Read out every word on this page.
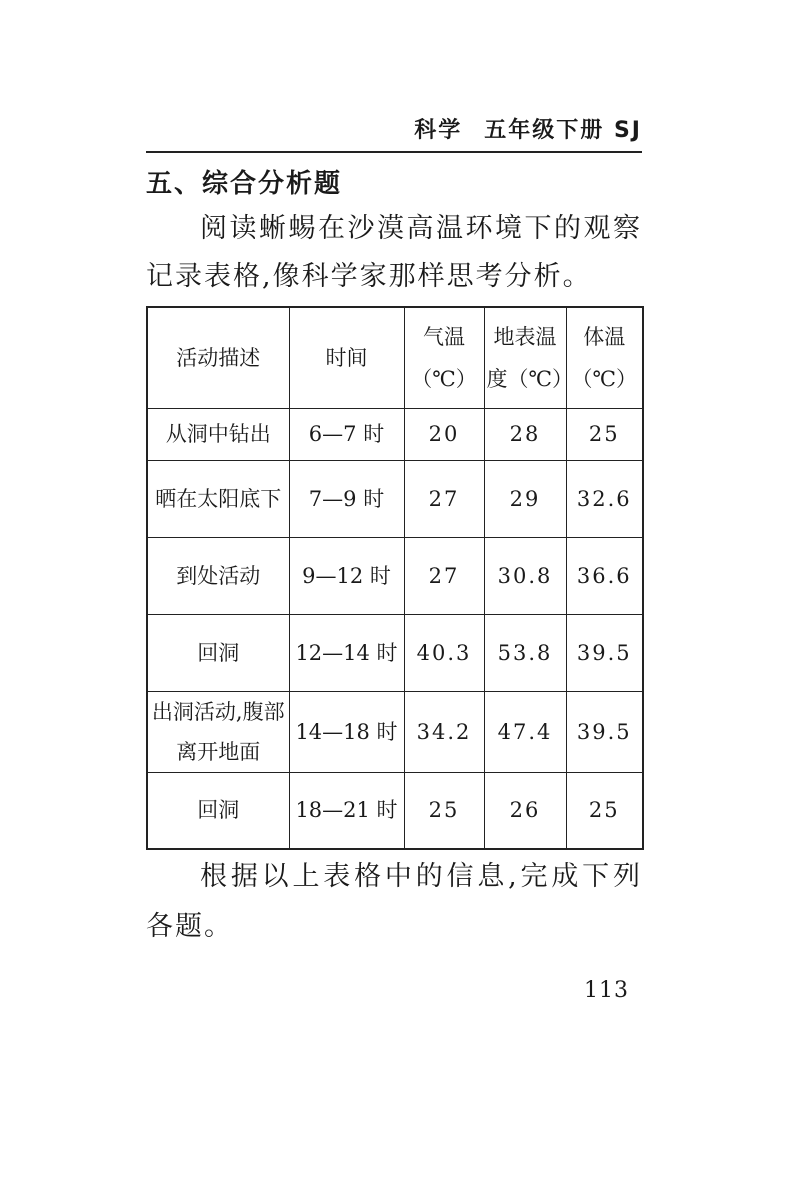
科学 五年级下册 SJ
五、综合分析题

阅读蜥蜴在沙漠高温环境下的观察记录表格,像科学家那样思考分析。

活动描述	时间	气温（℃）	地表温度（℃）	体温（℃）
从洞中钻出	6—7 时	20	28	25
晒在太阳底下	7—9 时	27	29	32.6
到处活动	9—12 时	27	30.8	36.6
回洞	12—14 时	40.3	53.8	39.5
出洞活动,腹部离开地面	14—18 时	34.2	47.4	39.5
回洞	18—21 时	25	26	25

根据以上表格中的信息,完成下列各题。

113
